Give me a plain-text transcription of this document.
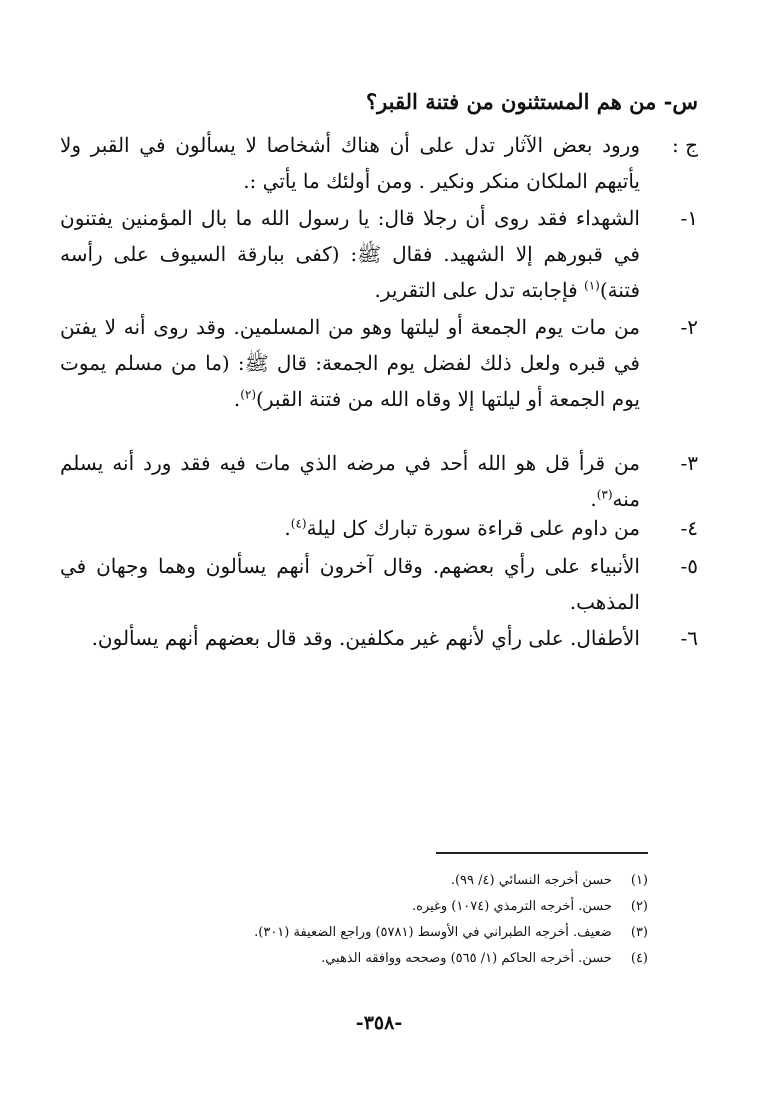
س- من هم المستثنون من فتنة القبر؟
ج :
ورود بعض الآثار تدل على أن هناك أشخاصا لا يسألون في القبر ولا يأتيهم الملكان منكر ونكير . ومن أولئك ما يأتي :.
١-
الشهداء فقد روى أن رجلا قال: يا رسول الله ما بال المؤمنين يفتنون في قبورهم إلا الشهيد. فقال ﷺ: (كفى ببارقة السيوف على رأسه فتنة)$^{(١)}$ فإجابته تدل على التقرير.
٢-
من مات يوم الجمعة أو ليلتها وهو من المسلمين. وقد روى أنه لا يفتن في قبره ولعل ذلك لفضل يوم الجمعة: قال ﷺ: (ما من مسلم يموت يوم الجمعة أو ليلتها إلا وقاه الله من فتنة القبر)$^{(٢)}$.
٣-
من قرأ قل هو الله أحد في مرضه الذي مات فيه فقد ورد أنه يسلم منه$^{(٣)}$.
٤-
من داوم على قراءة سورة تبارك كل ليلة$^{(٤)}$.
٥-
الأنبياء على رأي بعضهم. وقال آخرون أنهم يسألون وهما وجهان في المذهب.
٦-
الأطفال. على رأي لأنهم غير مكلفين. وقد قال بعضهم أنهم يسألون.
(١) حسن أخرجه النسائي (٤/ ٩٩).
(٢) حسن. أخرجه الترمذي (١٠٧٤) وغيره.
(٣) ضعيف. أخرجه الطبراني في الأوسط (٥٧٨١) وراجع الضعيفة (٣٠١).
(٤) حسن. أخرجه الحاكم (١/ ٥٦٥) وصححه ووافقه الذهبي.
-٣٥٨-
